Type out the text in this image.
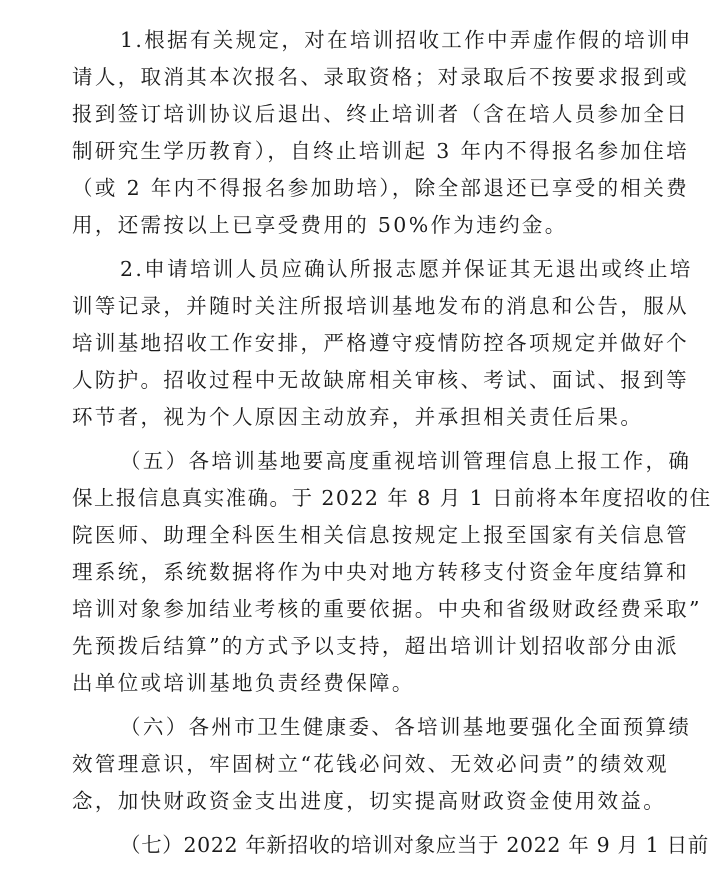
1.根据有关规定，对在培训招收工作中弄虚作假的培训申
请人，取消其本次报名、录取资格；对录取后不按要求报到或
报到签订培训协议后退出、终止培训者（含在培人员参加全日
制研究生学历教育），自终止培训起 3 年内不得报名参加住培
（或 2 年内不得报名参加助培），除全部退还已享受的相关费
用，还需按以上已享受费用的 50%作为违约金。
2.申请培训人员应确认所报志愿并保证其无退出或终止培
训等记录，并随时关注所报培训基地发布的消息和公告，服从
培训基地招收工作安排，严格遵守疫情防控各项规定并做好个
人防护。招收过程中无故缺席相关审核、考试、面试、报到等
环节者，视为个人原因主动放弃，并承担相关责任后果。
（五）各培训基地要高度重视培训管理信息上报工作，确
保上报信息真实准确。于 2022 年 8 月 1 日前将本年度招收的住
院医师、助理全科医生相关信息按规定上报至国家有关信息管
理系统，系统数据将作为中央对地方转移支付资金年度结算和
培训对象参加结业考核的重要依据。中央和省级财政经费采取”
先预拨后结算”的方式予以支持，超出培训计划招收部分由派
出单位或培训基地负责经费保障。
（六）各州市卫生健康委、各培训基地要强化全面预算绩
效管理意识，牢固树立“花钱必问效、无效必问责”的绩效观
念，加快财政资金支出进度，切实提高财政资金使用效益。
（七）2022 年新招收的培训对象应当于 2022 年 9 月 1 日前
